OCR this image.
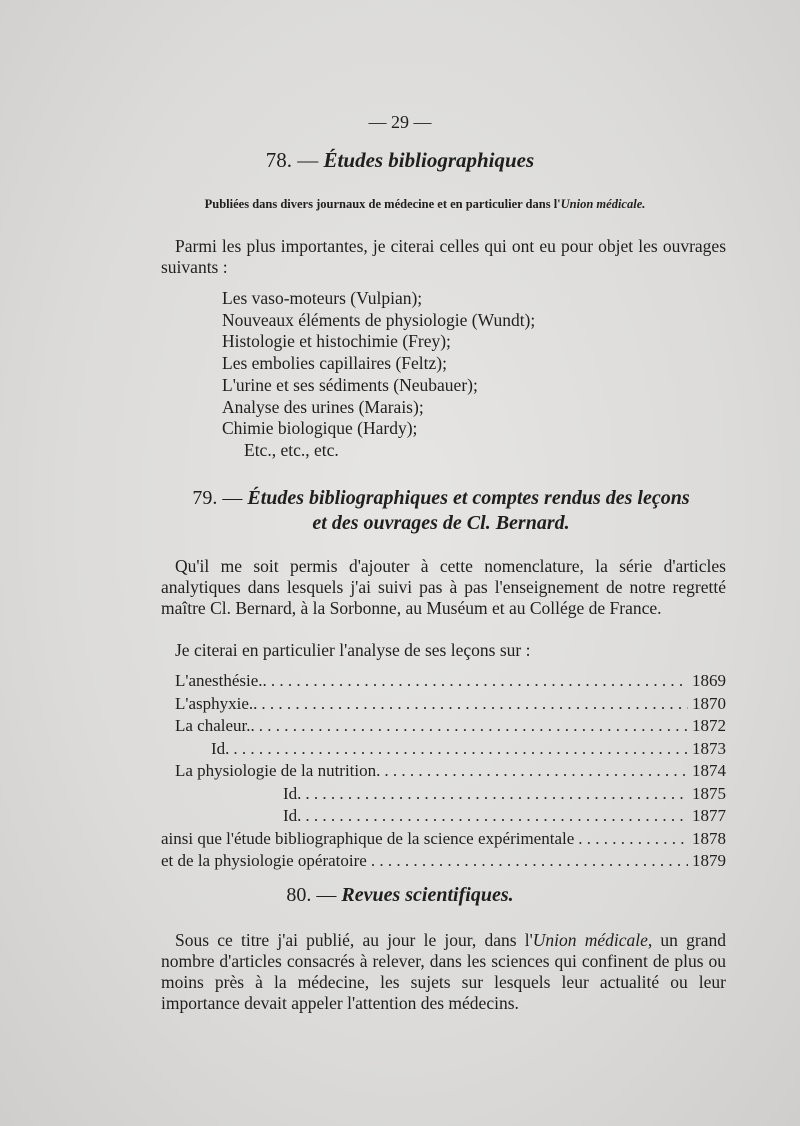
— 29 —
78. — Études bibliographiques
Publiées dans divers journaux de médecine et en particulier dans l'Union médicale.
Parmi les plus importantes, je citerai celles qui ont eu pour objet les ouvrages suivants :
Les vaso-moteurs (Vulpian);
Nouveaux éléments de physiologie (Wundt);
Histologie et histochimie (Frey);
Les embolies capillaires (Feltz);
L'urine et ses sédiments (Neubauer);
Analyse des urines (Marais);
Chimie biologique (Hardy);
Etc., etc., etc.
79. — Études bibliographiques et comptes rendus des leçons
et des ouvrages de Cl. Bernard.
Qu'il me soit permis d'ajouter à cette nomenclature, la série d'articles analytiques dans lesquels j'ai suivi pas à pas l'enseignement de notre regretté maître Cl. Bernard, à la Sorbonne, au Muséum et au Collége de France.
Je citerai en particulier l'analyse de ses leçons sur :
L'anesthésie.. . . .	1869
L'asphyxie.. . . .	1870
La chaleur.. . . .	1872
Id. . . .	1873
La physiologie de la nutrition. . . .	1874
Id. . . .	1875
Id. . . .	1877
ainsi que l'étude bibliographique de la science expérimentale . . .	1878
et de la physiologie opératoire . . .	1879
80. — Revues scientifiques.
Sous ce titre j'ai publié, au jour le jour, dans l'Union médicale, un grand nombre d'articles consacrés à relever, dans les sciences qui confinent de plus ou moins près à la médecine, les sujets sur lesquels leur actualité ou leur importance devait appeler l'attention des médecins.
